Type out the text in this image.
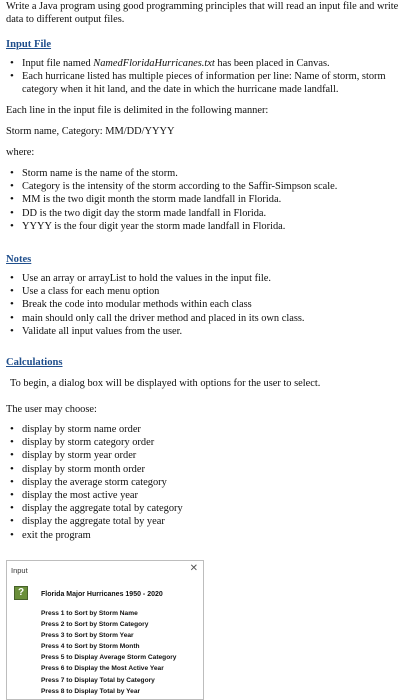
Write a Java program using good programming principles that will read an input file and write data to different output files.

Input File
• Input file named NamedFloridaHurricanes.txt has been placed in Canvas.
• Each hurricane listed has multiple pieces of information per line: Name of storm, storm category when it hit land, and the date in which the hurricane made landfall.

Each line in the input file is delimited in the following manner:

Storm name, Category: MM/DD/YYYY

where:

• Storm name is the name of the storm.
• Category is the intensity of the storm according to the Saffir-Simpson scale.
• MM is the two digit month the storm made landfall in Florida.
• DD is the two digit day the storm made landfall in Florida.
• YYYY is the four digit year the storm made landfall in Florida.
Notes
• Use an array or arrayList to hold the values in the input file.
• Use a class for each menu option
• Break the code into modular methods within each class
• main should only call the driver method and placed in its own class.
• Validate all input values from the user.
Calculations

To begin, a dialog box will be displayed with options for the user to select.

The user may choose:

• display by storm name order
• display by storm category order
• display by storm year order
• display by storm month order
• display the average storm category
• display the most active year
• display the aggregate total by category
• display the aggregate total by year
• exit the program
Input	✕
?	Florida Major Hurricanes 1950 - 2020
Press 1 to Sort by Storm Name
Press 2 to Sort by Storm Category
Press 3 to Sort by Storm Year
Press 4 to Sort by Storm Month
Press 5 to Display Average Storm Category
Press 6 to Display the Most Active Year
Press 7 to Display Total by Category
Press 8 to Display Total by Year
